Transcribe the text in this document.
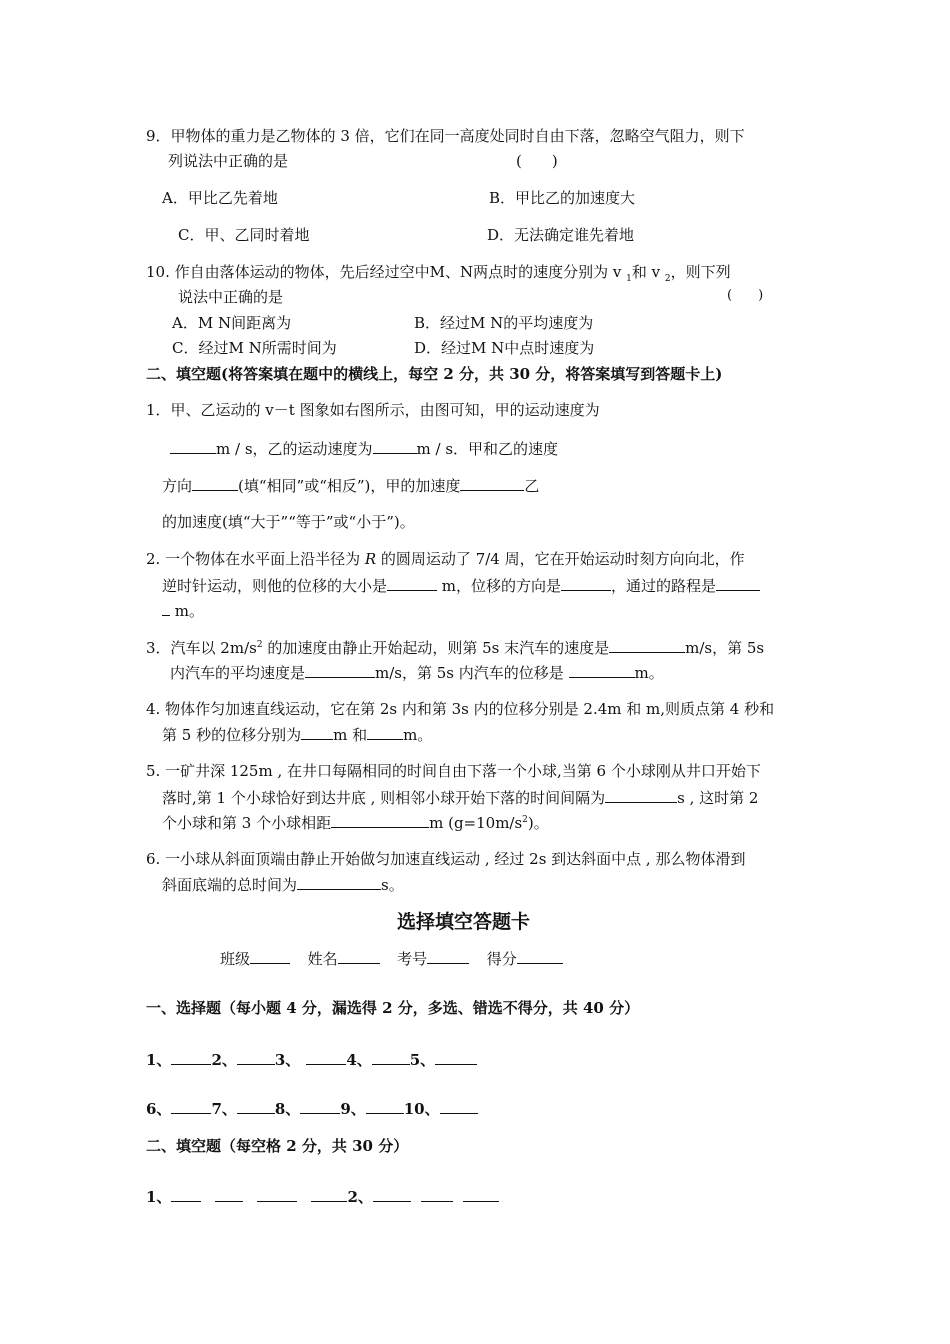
9．甲物体的重力是乙物体的 3 倍，它们在同一高度处同时自由下落，忽略空气阻力，则下
列说法中正确的是	(　　)
A．甲比乙先着地	B．甲比乙的加速度大
C．甲、乙同时着地	D．无法确定谁先着地
10. 作自由落体运动的物体，先后经过空中M、N两点时的速度分别为 v $_1$和 v $_2$，则下列
说法中正确的是	(　　)
A．M N间距离为	B．经过M N的平均速度为
C．经过M N所需时间为	D．经过M N中点时速度为
二、填空题(将答案填在题中的横线上，每空 2 分，共 30 分，将答案填写到答题卡上)
1．甲、乙运动的 v－t 图象如右图所示，由图可知，甲的运动速度为
m / s，乙的运动速度为	m / s．甲和乙的速度
方向	(填“相同”或“相反”)，甲的加速度	乙
的加速度(填“大于”“等于”或“小于”)。
2. 一个物体在水平面上沿半径为 R 的圆周运动了 7/4 周，它在开始运动时刻方向向北，作
逆时针运动，则他的位移的大小是	m，位移的方向是	，通过的路程是
m。
3．汽车以 $2m/s^2$ 的加速度由静止开始起动，则第 5s 末汽车的速度是	m/s，第 5s
内汽车的平均速度是	m/s，第 5s 内汽车的位移是	m。
4. 物体作匀加速直线运动，它在第 2s 内和第 3s 内的位移分别是 2.4m 和 m,则质点第 4 秒和
第 5 秒的位移分别为 m 和 m。
5. 一矿井深 125m , 在井口每隔相同的时间自由下落一个小球,当第 6 个小球刚从井口开始下
落时,第 1 个小球恰好到达井底 , 则相邻小球开始下落的时间间隔为	s , 这时第 2
个小球和第 3 个小球相距	m $(g=10m/s^2)$。
6. 一小球从斜面顶端由静止开始做匀加速直线运动 , 经过 2s 到达斜面中点 , 那么物体滑到
斜面底端的总时间为	s。
选择填空答题卡
班级	姓名	考号	得分
一、选择题（每小题 4 分，漏选得 2 分，多选、错选不得分，共 40 分）
1、	2、	3、	4、	5、
6、	7、	8、	9、	10、
二、填空题（每空格 2 分，共 30 分）
1、	2、
